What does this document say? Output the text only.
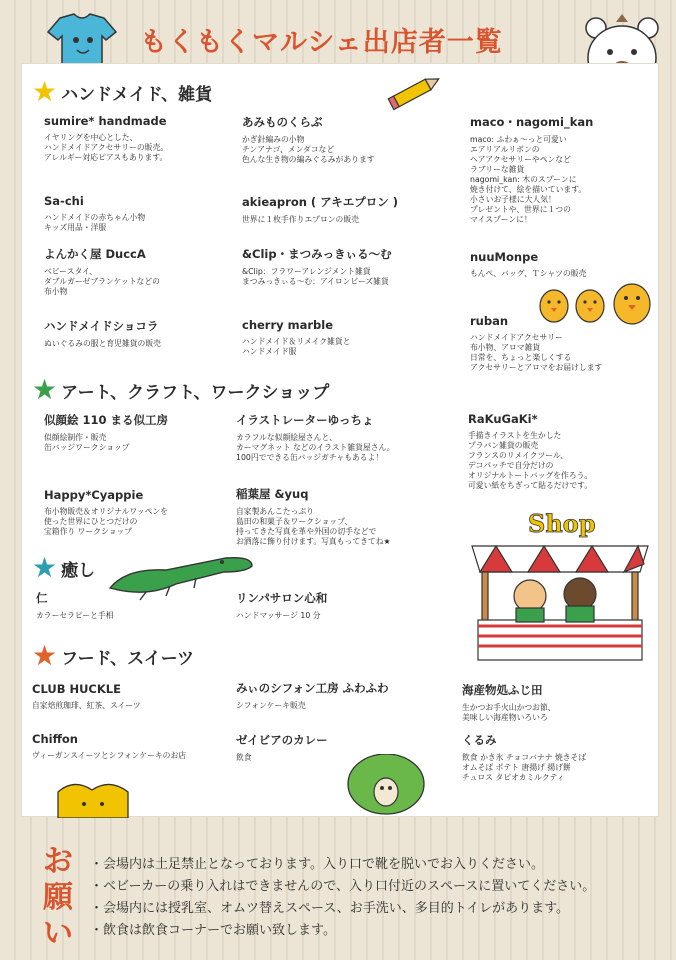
もくもくマルシェ出店者一覧
★ ハンドメイド、雑貨
sumire* handmade
イヤリングを中心とした、
ハンドメイドアクセサリーの販売。
アレルギー対応ピアスもあります。
あみものくらぶ
かぎ針編みの小物
チンアナゴ、メンダコなど
色んな生き物の編みぐるみがあります
maco・nagomi_kan
maco: ふわぁ〜っと可愛い
エアリアルリボンの
ヘアアクセサリーやペンなど
ラブリーな雑貨
nagomi_kan: 木のスプーンに
焼き付けて、絵を描いています。
小さいお子様に大人気！
プレゼントや、世界に１つの
マイスプーンに！
Sa-chi
ハンドメイドの赤ちゃん小物
キッズ用品・洋服
akieapron ( アキエプロン )
世界に１枚手作りエプロンの販売
よんかく屋 DuccA
ベビースタイ、
ダブルガーゼブランケットなどの
布小物
&Clip・まつみっきぃる〜む
&Clip：フラワーアレンジメント雑貨
まつみっきぃる〜む：アイロンビーズ雑貨
nuuMonpe
もんぺ、バッグ、Ｔシャツの販売
ハンドメイドショコラ
ぬいぐるみの服と育児雑貨の販売
cherry marble
ハンドメイド＆リメイク雑貨と
ハンドメイド服
ruban
ハンドメイドアクセサリー
布小物、アロマ雑貨
日常を、ちょっと楽しくする
アクセサリーとアロマをお届けします
★ アート、クラフト、ワークショップ
似顔絵 110 まる似工房
似顔絵制作・販売
缶バッジワークショップ
イラストレーターゆっちょ
カラフルな似顔絵屋さんと、
カーマグネット などのイラスト雑貨屋さん。
100円でできる缶バッジガチャもあるよ！
RaKuGaKi*
手描きイラストを生かした
プラバン雑貨の販売
フランスのリメイクツール、
デコパッチで自分だけの
オリジナルトートバッグを作ろう。
可愛い紙をちぎって貼るだけです。
Happy*Cyappie
布小物販売＆オリジナルワッペンを
使った世界にひとつだけの
宝箱作り ワークショップ
稲葉屋 &yuq
自家製あんこたっぷり
島田の和菓子＆ワークショップ、
持ってきた写真を革や外国の切手などで
お洒落に飾り付けます。写真もってきてね★
★ 癒し
仁
カラーセラピーと手相
リンパサロン心和
ハンドマッサージ 10 分
★ フード、スイーツ
CLUB HUCKLE
自家焙煎珈琲、紅茶、スイーツ
みぃのシフォン工房 ふわふわ
シフォンケーキ販売
海産物処ふじ田
生かつお手火山かつお節、
美味しい海産物いろいろ
Chiffon
ヴィーガンスイーツとシフォンケーキのお店
ゼイビアのカレー
飲食
くるみ
飲食 かき氷 チョコバナナ 焼きそば
オムそば ポテト 唐揚げ 揚げ餅
チュロス タピオカミルクティ
Shop
お
願
い
・会場内は土足禁止となっております。入り口で靴を脱いでお入りください。
・ベビーカーの乗り入れはできませんので、入り口付近のスペースに置いてください。
・会場内には授乳室、オムツ替えスペース、お手洗い、多目的トイレがあります。
・飲食は飲食コーナーでお願い致します。
